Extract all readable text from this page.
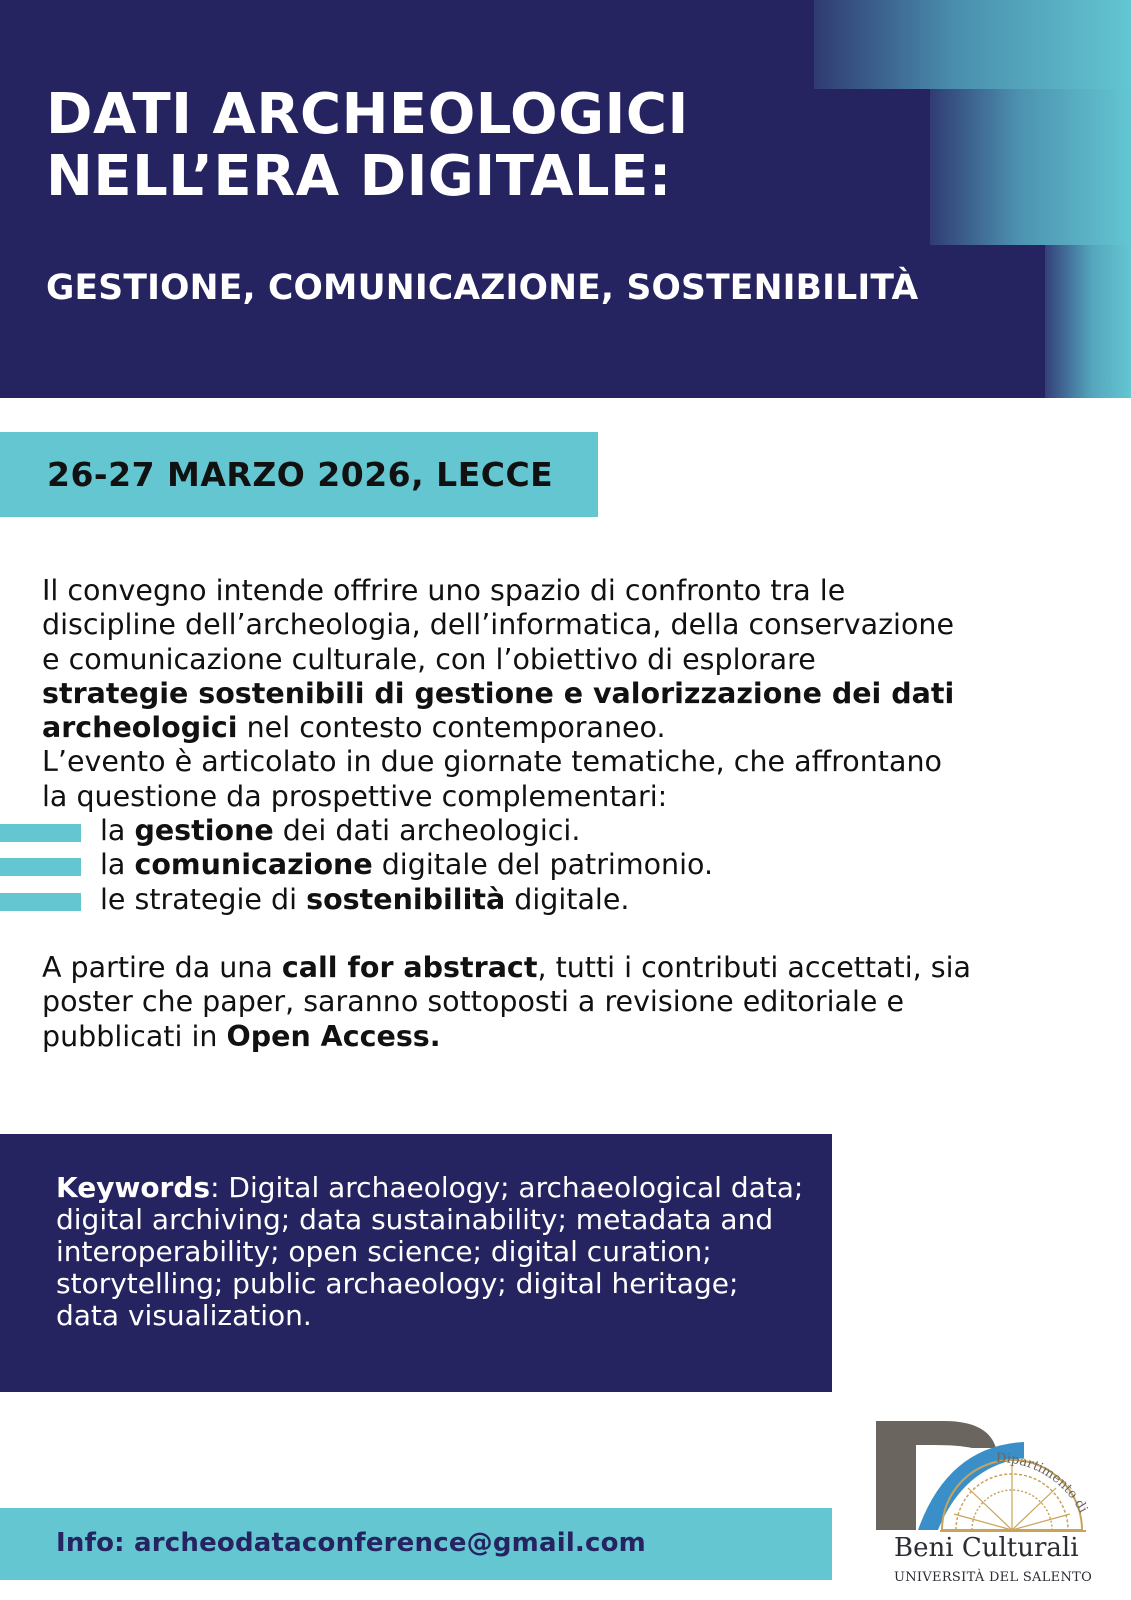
DATI ARCHEOLOGICI
NELL’ERA DIGITALE:
GESTIONE, COMUNICAZIONE, SOSTENIBILITÀ

26-27 MARZO 2026, LECCE

Il convegno intende offrire uno spazio di confronto tra le

discipline dell’archeologia, dell’informatica, della conservazione

e comunicazione culturale, con l’obiettivo di esplorare

strategie sostenibili di gestione e valorizzazione dei dati

archeologici nel contesto contemporaneo.

L’evento è articolato in due giornate tematiche, che affrontano

la questione da prospettive complementari:

la gestione dei dati archeologici.
la comunicazione digitale del patrimonio.
le strategie di sostenibilità digitale.

A partire da una call for abstract, tutti i contributi accettati, sia

poster che paper, saranno sottoposti a revisione editoriale e

pubblicati in Open Access.

Keywords: Digital archaeology; archaeological data; digital archiving; data sustainability; metadata and interoperability; open science; digital curation; storytelling; public archaeology; digital heritage; data visualization.

Info: archeodataconference@gmail.com

Dipartimento di
Beni Culturali
UNIVERSITÀ DEL SALENTO
